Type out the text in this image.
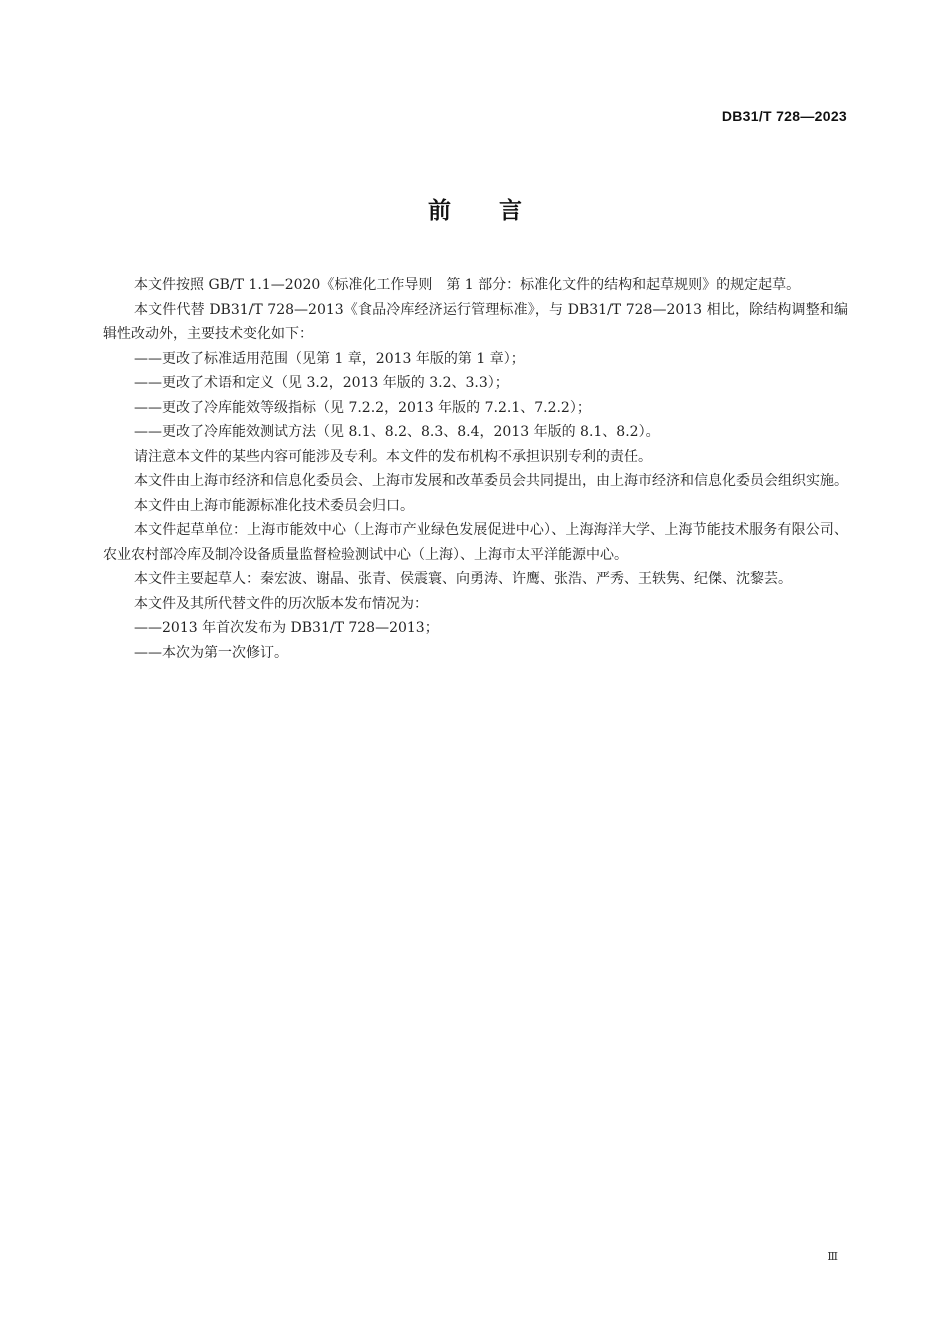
DB31/T 728—2023
前言

本文件按照 GB/T 1.1—2020《标准化工作导则　第 1 部分：标准化文件的结构和起草规则》的规定起草。

本文件代替 DB31/T 728—2013《食品冷库经济运行管理标准》，与 DB31/T 728—2013 相比，除结构调整和编辑性改动外，主要技术变化如下：

——更改了标准适用范围（见第 1 章，2013 年版的第 1 章）；

——更改了术语和定义（见 3.2，2013 年版的 3.2、3.3）；

——更改了冷库能效等级指标（见 7.2.2，2013 年版的 7.2.1、7.2.2）；

——更改了冷库能效测试方法（见 8.1、8.2、8.3、8.4，2013 年版的 8.1、8.2）。

请注意本文件的某些内容可能涉及专利。本文件的发布机构不承担识别专利的责任。

本文件由上海市经济和信息化委员会、上海市发展和改革委员会共同提出，由上海市经济和信息化委员会组织实施。

本文件由上海市能源标准化技术委员会归口。

本文件起草单位：上海市能效中心（上海市产业绿色发展促进中心）、上海海洋大学、上海节能技术服务有限公司、农业农村部冷库及制冷设备质量监督检验测试中心（上海）、上海市太平洋能源中心。

本文件主要起草人：秦宏波、谢晶、张青、侯震寰、向勇涛、许鹰、张浩、严秀、王轶隽、纪傑、沈黎芸。

本文件及其所代替文件的历次版本发布情况为：

——2013 年首次发布为 DB31/T 728—2013；

——本次为第一次修订。

Ⅲ
